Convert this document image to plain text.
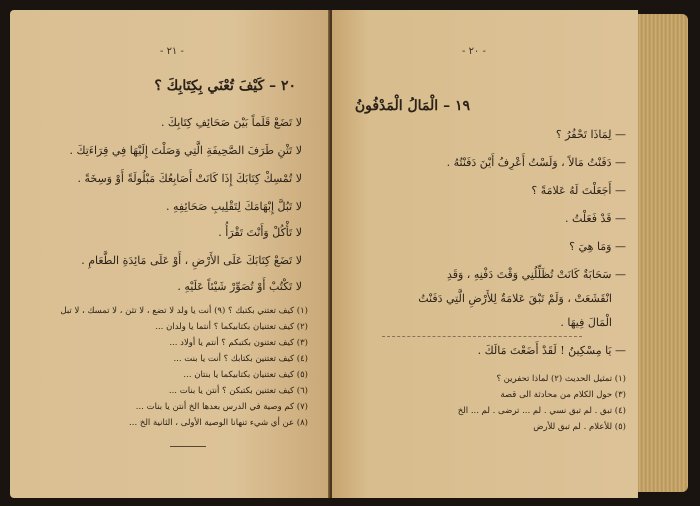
- ٢١ -
٢٠ – كَيْفَ تُعْنَي بِكِتَابِكَ ؟
لا تَضَعْ قَلَماً بَيْنَ صَحَائِفِ كِتَابِكَ .
لا تَثْنِ طَرَفَ الصَّحِيفَةِ الَّتِي وَصَلْتَ إِلَيْهَا فِي قِرَاءَتِكَ .
لا تُمْسِكْ كِتَابَكَ إِذَا كَانَتْ أَصَابِعُكَ مَبْلُولَةً أَوْ وَسِخَةً .
لا تَبُلَّ إِبْهَامَكَ لِتَقْلِيبِ صَحَائِفِهِ .
لا تَأْكُلْ وَأَنْتَ تَقْرَأُ .
لا تَضَعْ كِتَابَكَ عَلَى الأَرْضِ ، أَوْ عَلَى مَائِدَةِ الطَّعَامِ .
لا تَكْتُبْ أَوْ تُصَوِّرْ شَيْئاً عَلَيْهِ .
(١) كيف تعتني بكتبك ؟ (٩) أنت يا ولد لا تضع ، لا تثن ، لا تمسك ، لا تبل
(٢) كيف تعتنيان بكتابيكما ؟ أنتما يا ولدان ...
(٣) كيف تعتنون بكتبكم ؟ أنتم يا أولاد ...
(٤) كيف تعتنين بكتابك ؟ أنت يا بنت ...
(٥) كيف تعتنيان بكتابيكما يا بنتان ...
(٦) كيف تعتنين بكتبكن ؟ أنتن يا بنات ...
(٧) كم وصية في الدرس بعدها الخ أنتن يا بنات ...
(٨) عن أي شيء تنهانا الوصية الأولى ، الثانية الخ ...
- ٢٠ -
١٩ – الْمَالُ الْمَدْفُونُ
— لِمَاذَا تَحْفُرُ ؟
— دَفَنْتُ مَالاً ، وَلَسْتُ أَعْرِفُ أَيْنَ دَفَنْتُهُ .
— أَجَعَلْتَ لَهُ عَلامَةً ؟
— قَدْ فَعَلْتُ .
— وَمَا هِيَ ؟
— سَحَابَةٌ كَانَتْ تُظَلِّلُنِي وَقْتَ دَفْنِهِ ، وَقَدِ
انْقَشَعَتْ ، وَلَمْ تَبْقَ عَلامَةٌ لِلأَرْضِ الَّتِي دَفَنْتُ
الْمَالَ فِيهَا .
— يَا مِسْكِينُ ! لَقَدْ أَضَعْتَ مَالَكَ .
(١) تمثيل الحديث (٢) لماذا تحفرين ؟
(٣) حول الكلام من محادثة الى قصة
(٤) تبق . لم تبق نسي . لم ... ترضى . لم ... الخ
(٥) للأعلام . لم تبق للأرض
